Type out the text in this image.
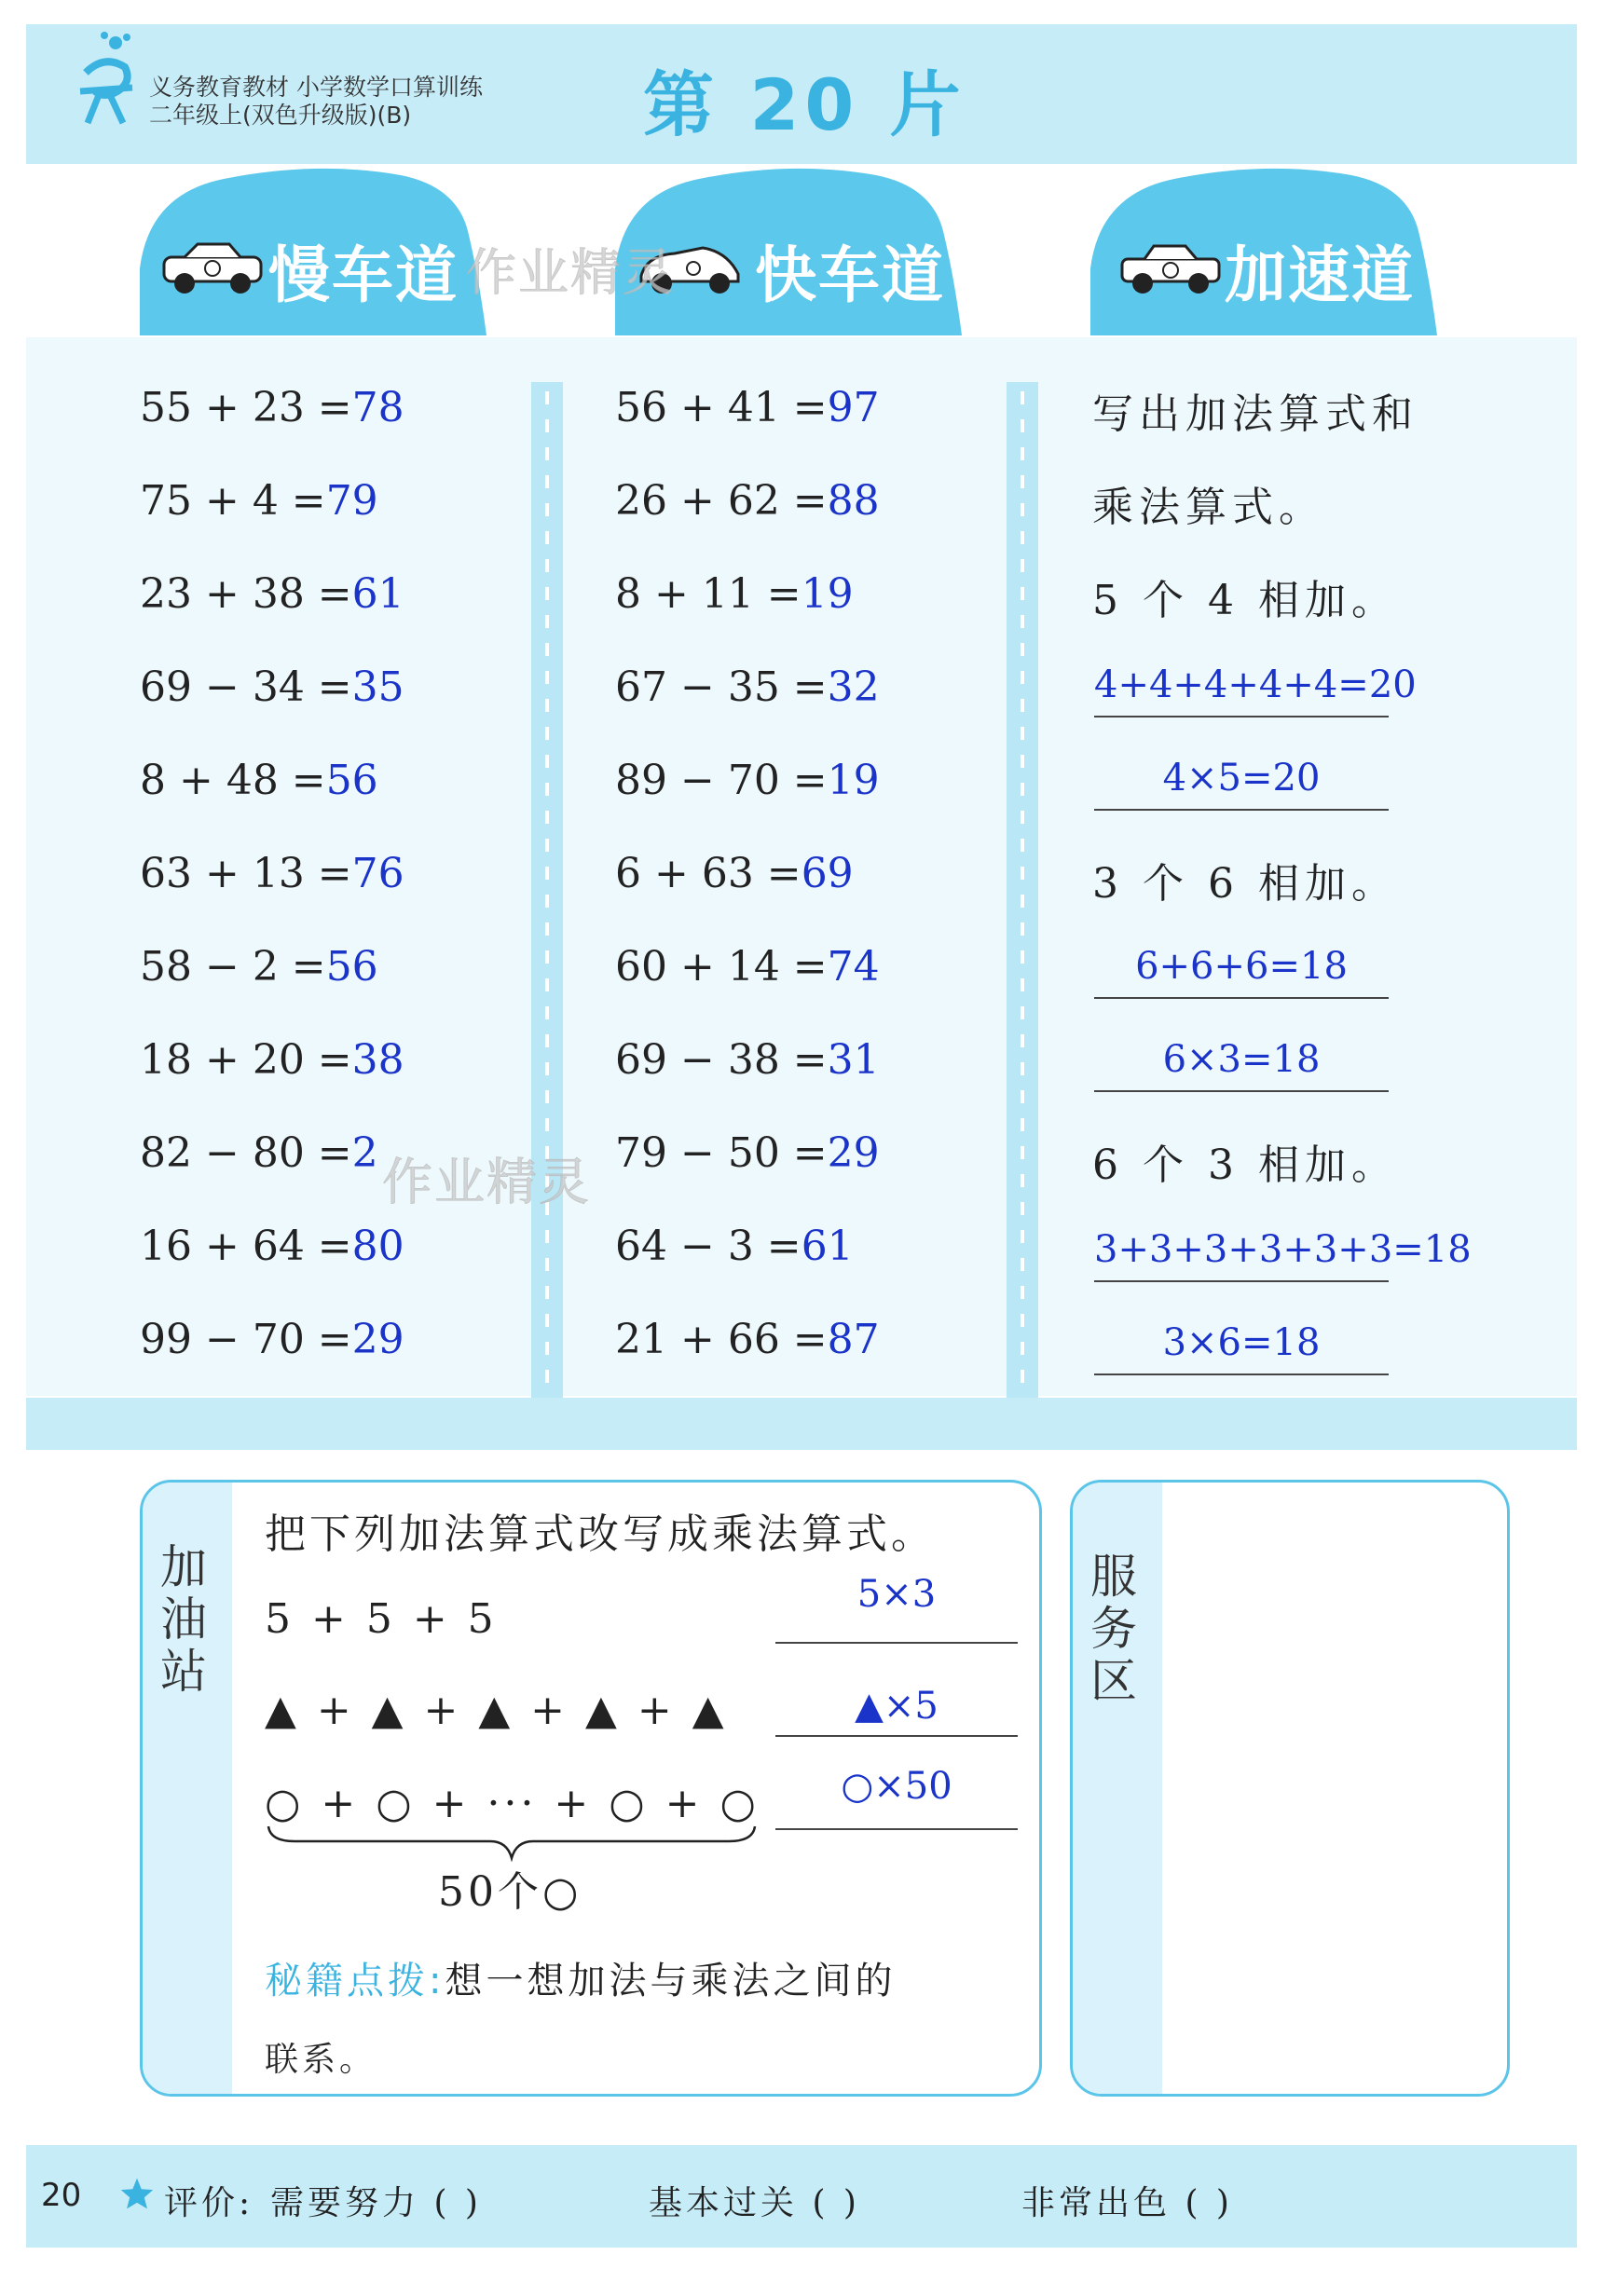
义务教育教材 小学数学口算训练
二年级上(双色升级版)(B)	第 20 片
慢车道	快车道	加速道
55 + 23 =78
75 + 4 =79
23 + 38 =61
69 − 34 =35
8 + 48 =56
63 + 13 =76
58 − 2 =56
18 + 20 =38
82 − 80 =2
16 + 64 =80
99 − 70 =29
56 + 41 =97
26 + 62 =88
8 + 11 =19
67 − 35 =32
89 − 70 =19
6 + 63 =69
60 + 14 =74
69 − 38 =31
79 − 50 =29
64 − 3 =61
21 + 66 =87
写出加法算式和
乘法算式。
5 个 4 相加。
4+4+4+4+4=20
4×5=20
3 个 6 相加。
6+6+6=18
6×3=18
6 个 3 相加。
3+3+3+3+3+3=18
3×6=18
加油站
把下列加法算式改写成乘法算式。
5 + 5 + 5
5×3
▲ + ▲ + ▲ + ▲ + ▲	▲×5
○ + ○ + ··· + ○ + ○	○×50
50个○
秘籍点拨:想一想加法与乘法之间的
联系。
服务区
20 评价: 需要努力 ( )	基本过关 ( )	非常出色 ( )
作业精灵
作业精灵
